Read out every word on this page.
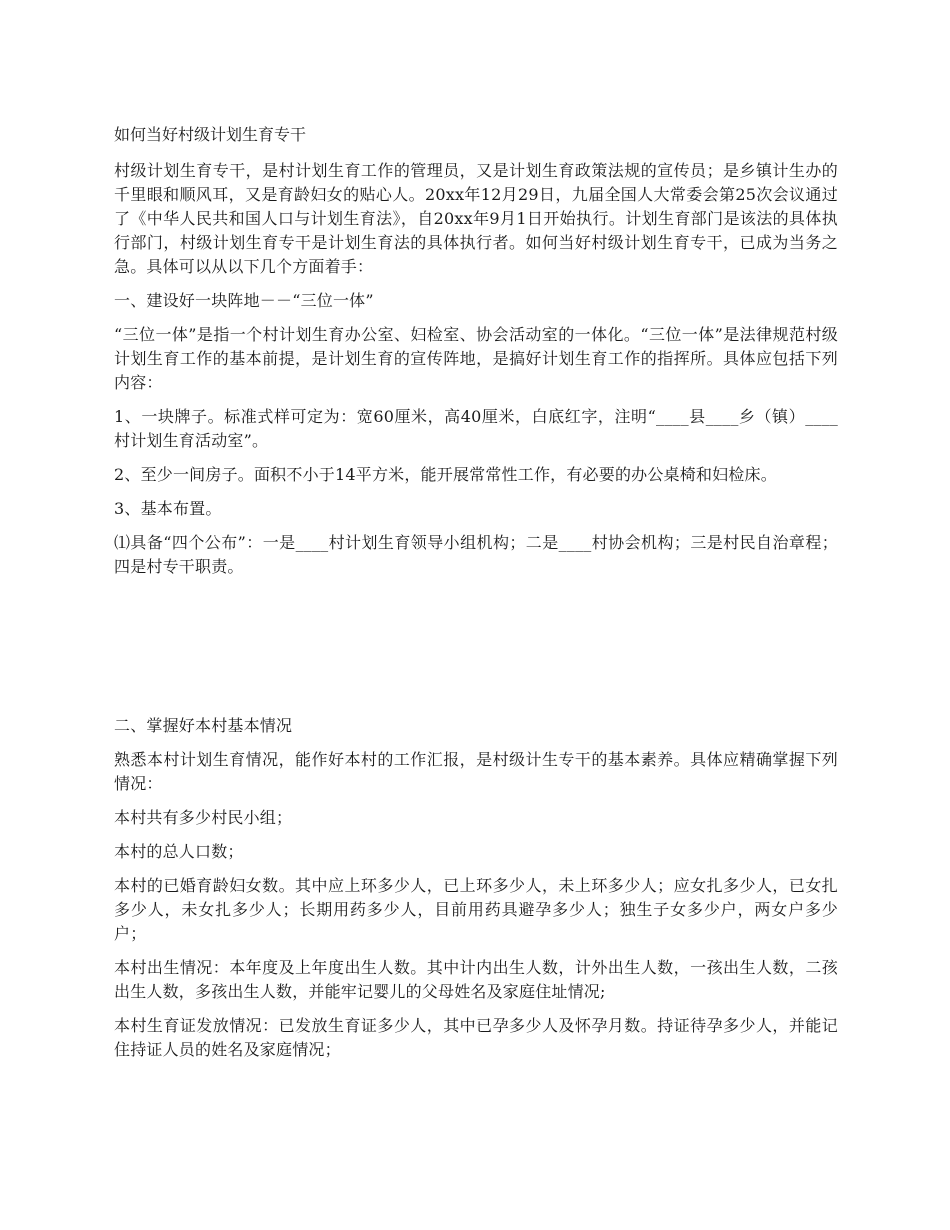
如何当好村级计划生育专干

村级计划生育专干，是村计划生育工作的管理员，又是计划生育政策法规的宣传员；是乡镇计生办的千里眼和顺风耳，又是育龄妇女的贴心人。20xx年12月29日，九届全国人大常委会第25次会议通过了《中华人民共和国人口与计划生育法》，自20xx年9月1日开始执行。计划生育部门是该法的具体执行部门，村级计划生育专干是计划生育法的具体执行者。如何当好村级计划生育专干，已成为当务之急。具体可以从以下几个方面着手：

一、建设好一块阵地－－“三位一体”

“三位一体”是指一个村计划生育办公室、妇检室、协会活动室的一体化。“三位一体”是法律规范村级计划生育工作的基本前提，是计划生育的宣传阵地，是搞好计划生育工作的指挥所。具体应包括下列内容：

1、一块牌子。标准式样可定为：宽60厘米，高40厘米，白底红字，注明“____县____乡（镇）____村计划生育活动室”。

2、至少一间房子。面积不小于14平方米，能开展常常性工作，有必要的办公桌椅和妇检床。

3、基本布置。

⑴具备“四个公布”：一是____村计划生育领导小组机构；二是____村协会机构；三是村民自治章程；四是村专干职责。

二、掌握好本村基本情况

熟悉本村计划生育情况，能作好本村的工作汇报，是村级计生专干的基本素养。具体应精确掌握下列情况：

本村共有多少村民小组；

本村的总人口数；

本村的已婚育龄妇女数。其中应上环多少人，已上环多少人，未上环多少人；应女扎多少人，已女扎多少人，未女扎多少人；长期用药多少人，目前用药具避孕多少人；独生子女多少户，两女户多少户；

本村出生情况：本年度及上年度出生人数。其中计内出生人数，计外出生人数，一孩出生人数，二孩出生人数，多孩出生人数，并能牢记婴儿的父母姓名及家庭住址情况;

本村生育证发放情况：已发放生育证多少人，其中已孕多少人及怀孕月数。持证待孕多少人，并能记住持证人员的姓名及家庭情况；
